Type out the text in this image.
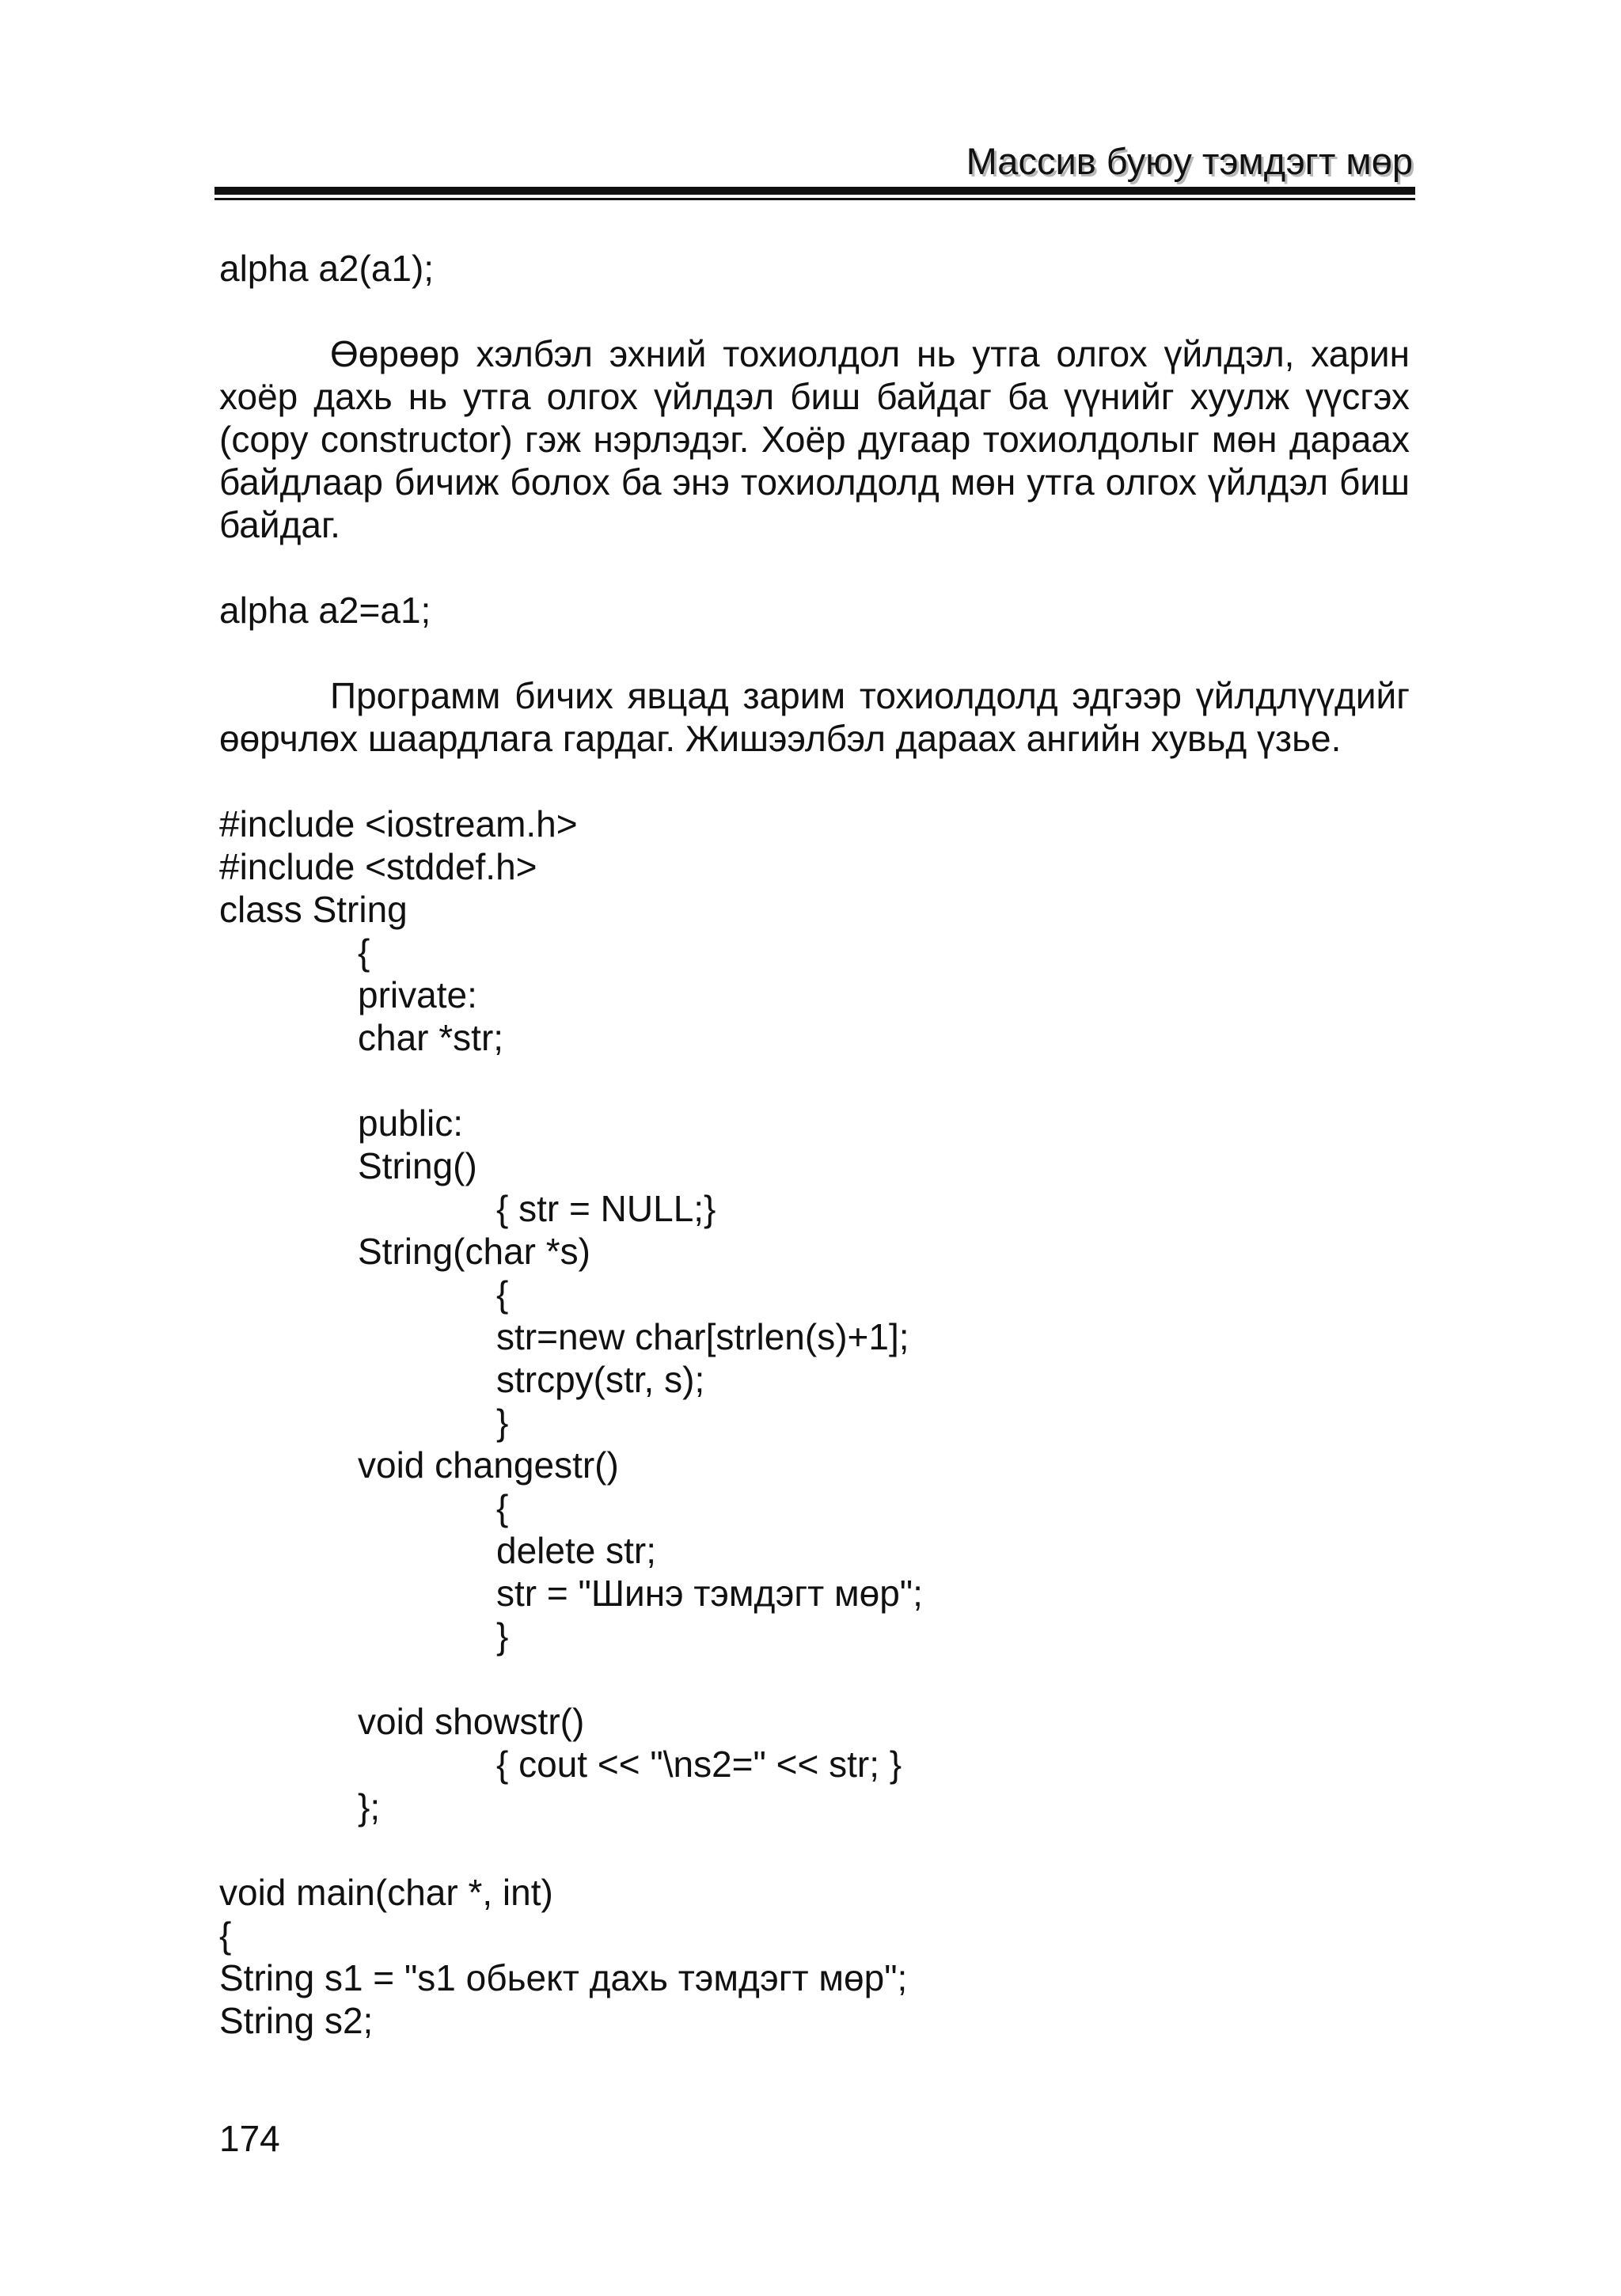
Массив буюу тэмдэгт мөр
alpha a2(a1);

Өөрөөр хэлбэл эхний тохиолдол нь утга олгох үйлдэл, харин хоёр дахь нь утга олгох үйлдэл биш байдаг ба үүнийг хуулж үүсгэх (copy constructor) гэж нэрлэдэг. Хоёр дугаар тохиолдолыг мөн дараах байдлаар бичиж болох ба энэ тохиолдолд мөн утга олгох үйлдэл биш байдаг.

alpha a2=a1;

Программ бичих явцад зарим тохиолдолд эдгээр үйлдлүүдийг өөрчлөх шаардлага гардаг. Жишээлбэл дараах ангийн хувьд үзье.

#include <iostream.h>
#include <stddef.h>
class String
{
private:
char *str;
public:
String()
{ str = NULL;}
String(char *s)
{
str=new char[strlen(s)+1];
strcpy(str, s);
}
void changestr()
{
delete str;
str = "Шинэ тэмдэгт мөр";
}
void showstr()
{ cout << "\ns2=" << str; }
};
void main(char *, int)
{
String s1 = "s1 обьект дахь тэмдэгт мөр";
String s2;
174
